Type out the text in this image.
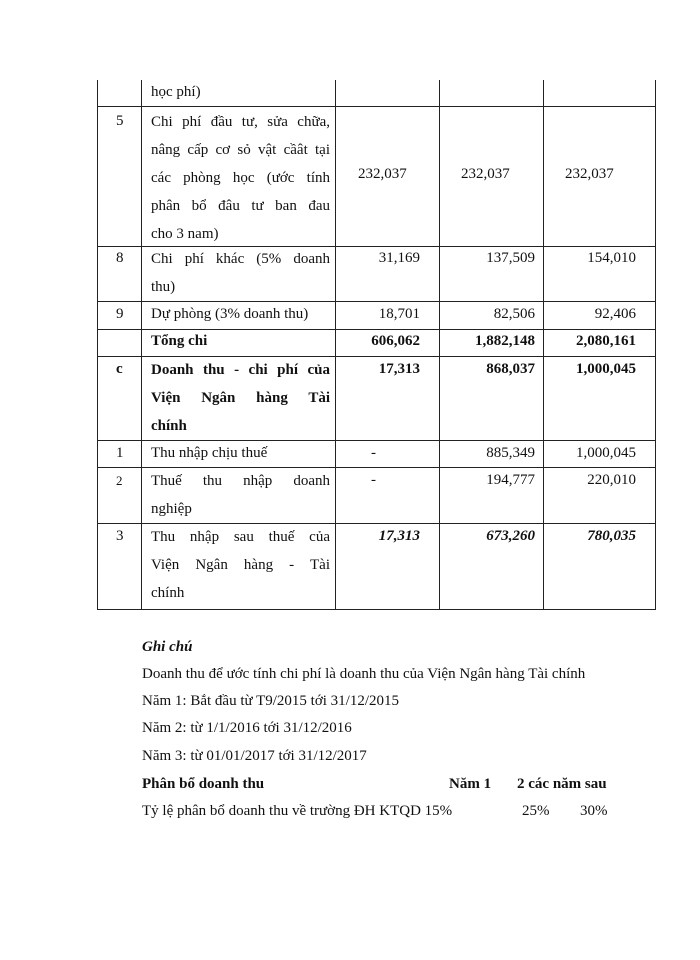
học phí)
5 Chi phí đầu tư, sửa chữa,
nâng cấp cơ sỏ vật cầât tại
các phòng học (ước tính
phân bổ đâu tư ban đau
cho 3 nam)
232,037	232,037	232,037
8 Chi phí khác (5% doanh
thu)
31,169	137,509	154,010
9 Dự phòng (3% doanh thu)	18,701	82,506	92,406
Tổng chi	606,062	1,882,148	2,080,161
c Doanh thu - chi phí của
Viện Ngân hàng Tài
chính
17,313	868,037	1,000,045
1 Thu nhập chịu thuế	-	885,349	1,000,045
2 Thuế thu nhập doanh
nghiệp
-	194,777	220,010
3 Thu nhập sau thuế của
Viện Ngân hàng - Tài
chính
17,313	673,260	780,035
Ghi chú
Doanh thu để ước tính chi phí là doanh thu của Viện Ngân hàng Tài chính
Năm 1: Bắt đầu từ T9/2015 tới 31/12/2015
Năm 2: từ 1/1/2016 tới 31/12/2016
Năm 3: từ 01/01/2017 tới 31/12/2017
Phân bổ doanh thu	Năm 1 2 các năm sau
Tỷ lệ phân bổ doanh thu về trường ĐH KTQD 15%	25% 30%
